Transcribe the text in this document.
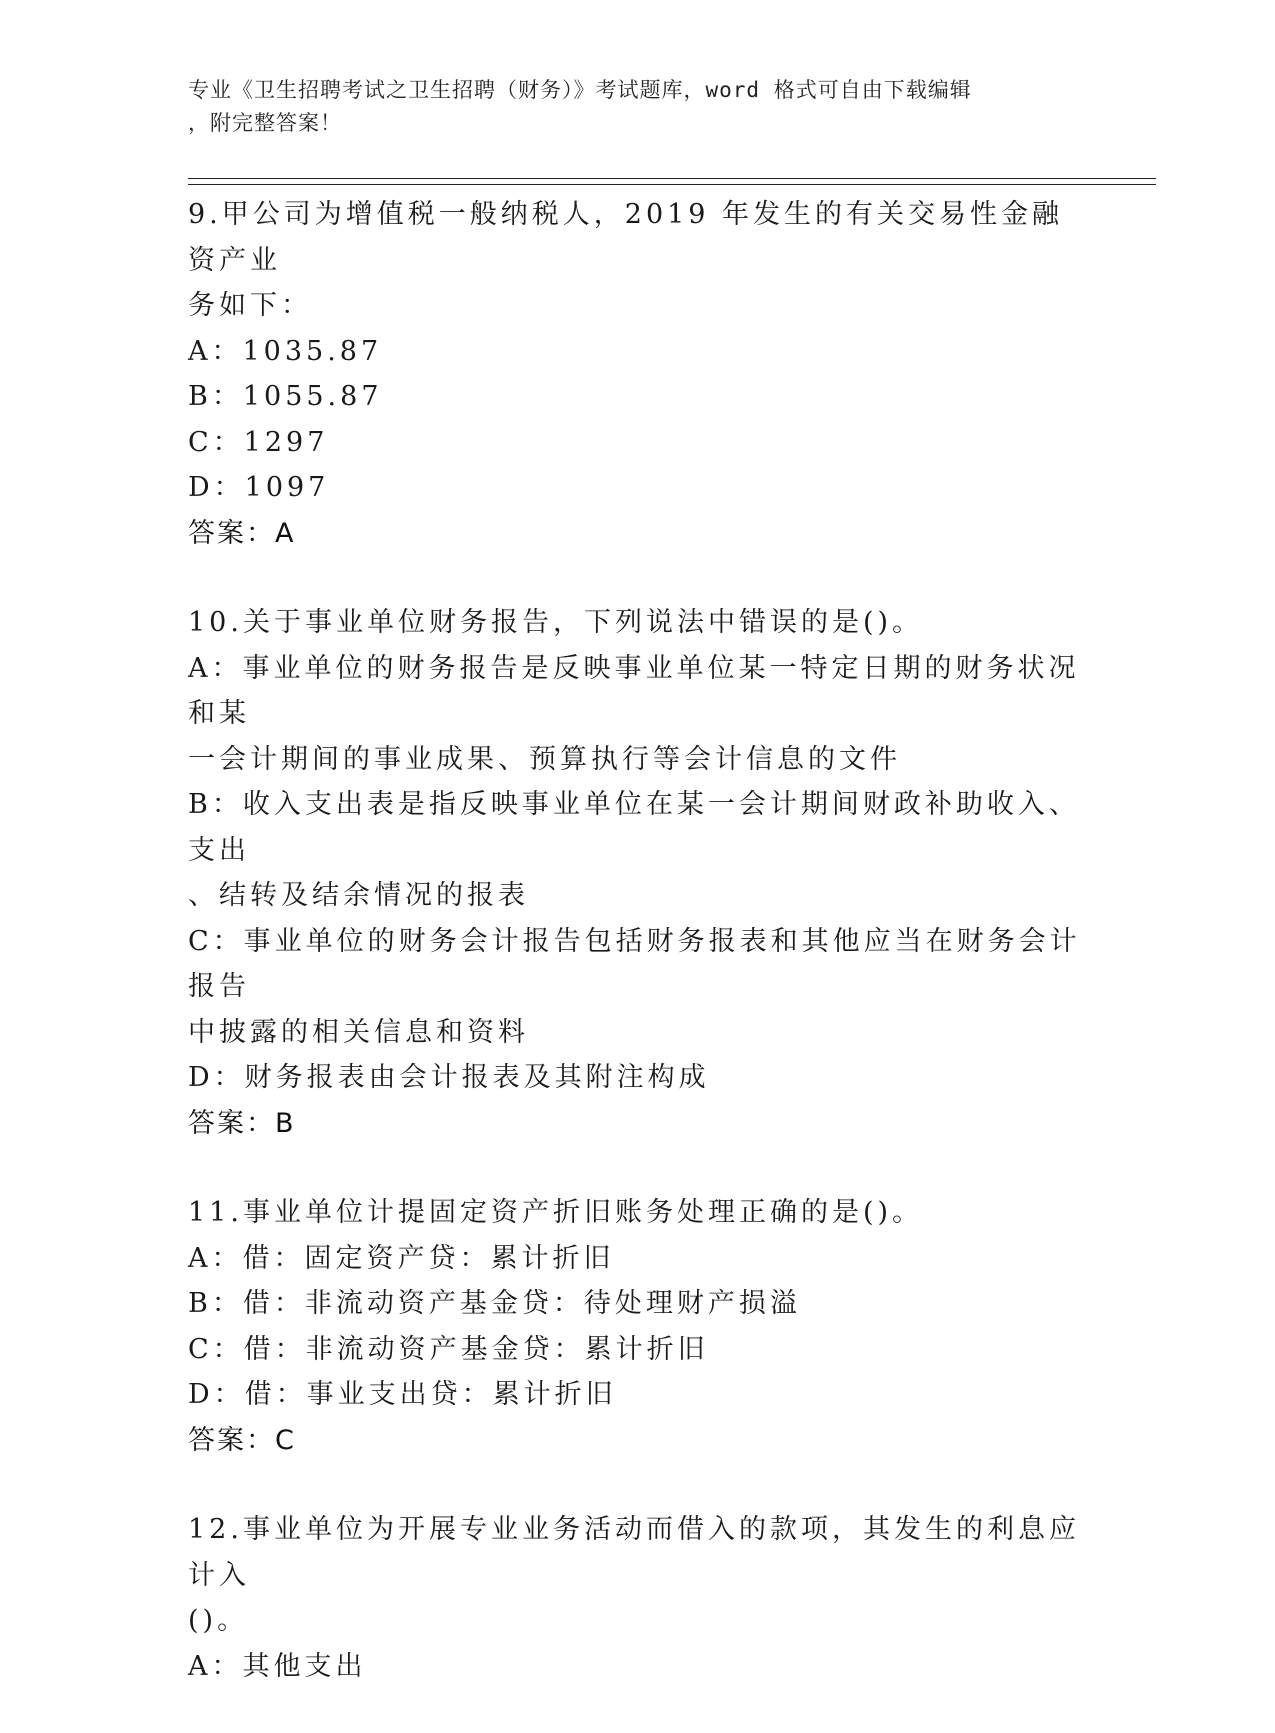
专业《卫生招聘考试之卫生招聘（财务）》考试题库，word 格式可自由下载编辑
，附完整答案！
9.甲公司为增值税一般纳税人，2019 年发生的有关交易性金融资产业
务如下：
A：1035.87
B：1055.87
C：1297
D：1097
答案：A
10.关于事业单位财务报告，下列说法中错误的是()。
A：事业单位的财务报告是反映事业单位某一特定日期的财务状况和某
一会计期间的事业成果、预算执行等会计信息的文件
B：收入支出表是指反映事业单位在某一会计期间财政补助收入、支出
、结转及结余情况的报表
C：事业单位的财务会计报告包括财务报表和其他应当在财务会计报告
中披露的相关信息和资料
D：财务报表由会计报表及其附注构成
答案：B
11.事业单位计提固定资产折旧账务处理正确的是()。
A：借：固定资产贷：累计折旧
B：借：非流动资产基金贷：待处理财产损溢
C：借：非流动资产基金贷：累计折旧
D：借：事业支出贷：累计折旧
答案：C
12.事业单位为开展专业业务活动而借入的款项，其发生的利息应计入
()。
A：其他支出
